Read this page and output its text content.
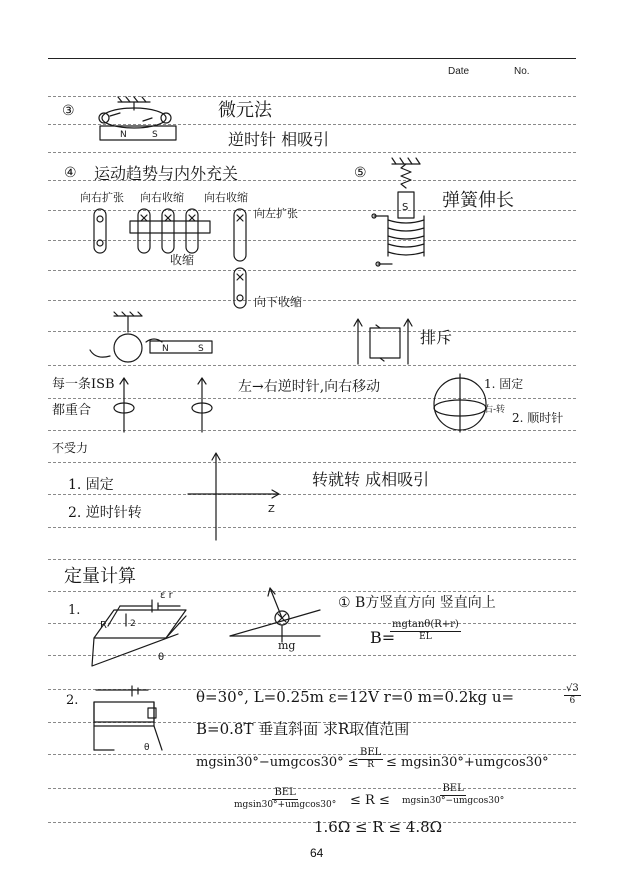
Date	No.
③
N	S
微元法
逆时针 相吸引
④ 运动趋势与内外充关
向右扩张 向右收缩 向右收缩
向左扩张
收缩
向下收缩
⑤
S 弹簧伸长
N	S
排斥
每一条ISB
都重合
左→右逆时针,向右移动	1. 固定
右-转
2. 顺时针
不受力
1. 固定
2. 逆时针转	Z
转就转 成相吸引
定量计算
1.
ε r
R	2
θ
mg
① B方竖直方向 竖直向上
B=
$\frac{mgtan\theta(R+r)}{EL}$
2.
θ
θ=30°, L=0.25m ε=12V r=0 m=0.2kg u=	$\frac{√3}{6}$
B=0.8T 垂直斜面 求R取值范围
mgsin30°−umgcos30° ≤
BEL
R ≤ mgsin30°+umgcos30°
BEL
mgsin30°+umgcos30° ≤ R ≤
BEL
mgsin30°−umgcos30°
1.6Ω ≤ R ≤ 4.8Ω
64
